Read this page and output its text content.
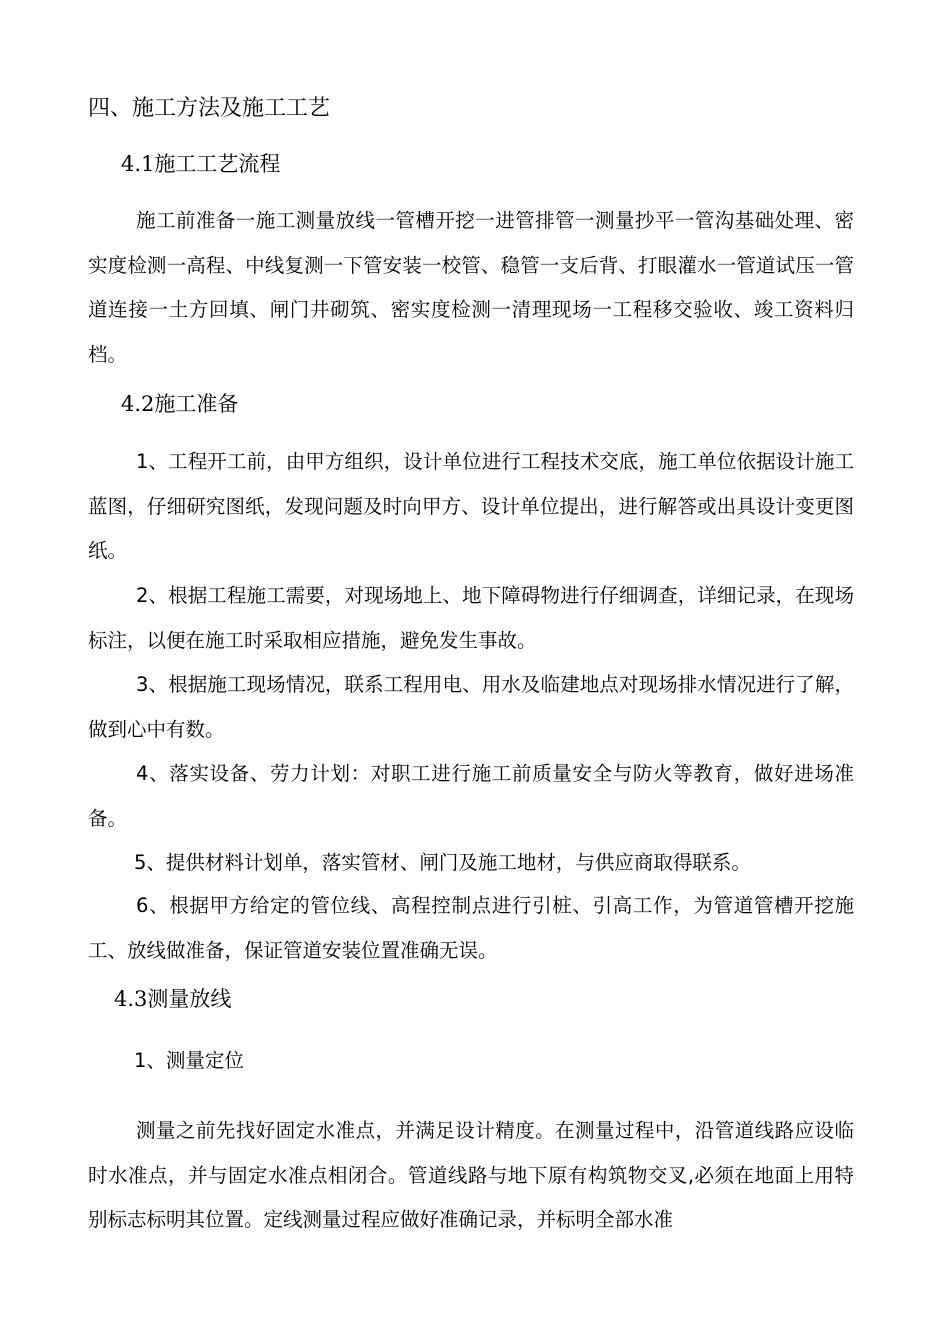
四、施工方法及施工工艺
4.1施工工艺流程

施工前准备一施工测量放线一管槽开挖一进管排管一测量抄平一管沟基础处理、密实度检测一高程、中线复测一下管安装一校管、稳管一支后背、打眼灌水一管道试压一管道连接一土方回填、闸门井砌筑、密实度检测一清理现场一工程移交验收、竣工资料归档。

4.2施工准备

1、工程开工前，由甲方组织，设计单位进行工程技术交底，施工单位依据设计施工蓝图，仔细研究图纸，发现问题及时向甲方、设计单位提出，进行解答或出具设计变更图纸。

2、根据工程施工需要，对现场地上、地下障碍物进行仔细调查，详细记录，在现场标注，以便在施工时采取相应措施，避免发生事故。

3、根据施工现场情况，联系工程用电、用水及临建地点对现场排水情况进行了解，做到心中有数。

4、落实设备、劳力计划：对职工进行施工前质量安全与防火等教育，做好进场准备。

5、提供材料计划单，落实管材、闸门及施工地材，与供应商取得联系。

6、根据甲方给定的管位线、高程控制点进行引桩、引高工作，为管道管槽开挖施工、放线做准备，保证管道安装位置准确无误。

4.3测量放线
1、测量定位

测量之前先找好固定水准点，并满足设计精度。在测量过程中，沿管道线路应设临时水准点，并与固定水准点相闭合。管道线路与地下原有构筑物交叉,必须在地面上用特别标志标明其位置。定线测量过程应做好准确记录，并标明全部水准
